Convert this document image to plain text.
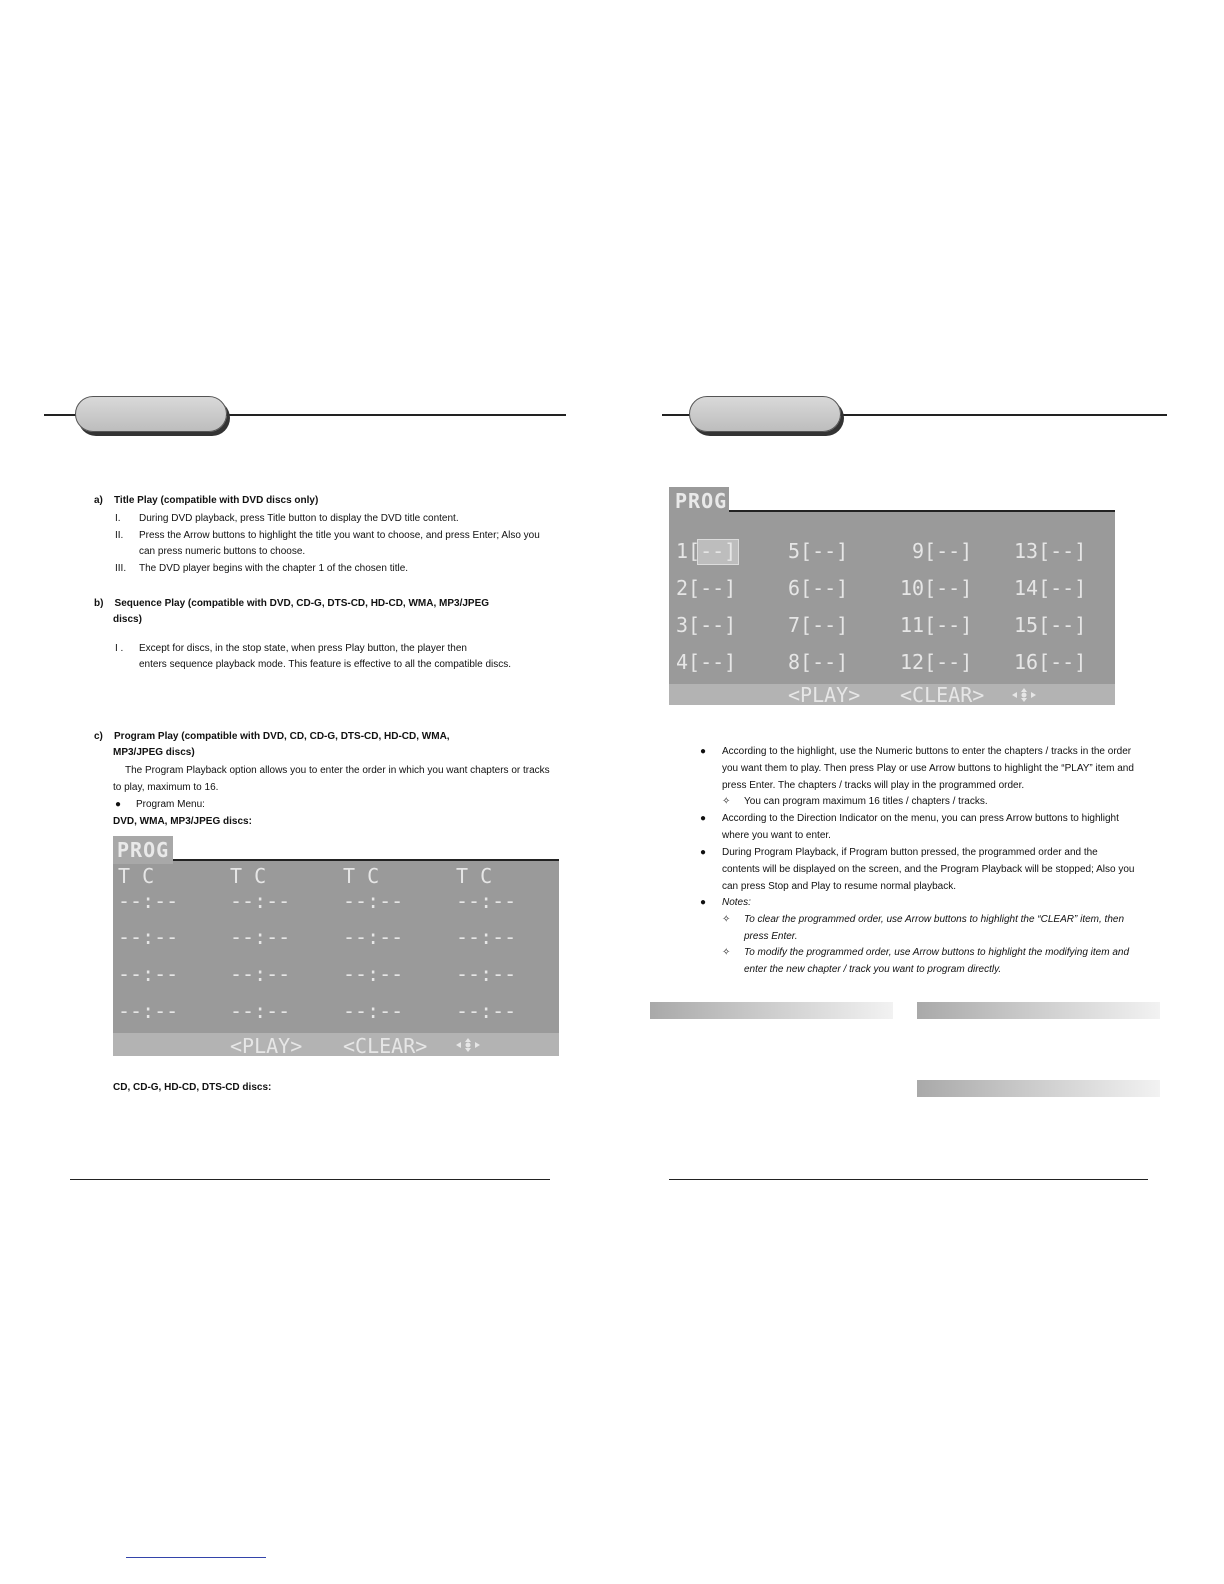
a)    Title Play (compatible with DVD discs only)
I. During DVD playback, press Title button to display the DVD title content.
II. Press the Arrow buttons to highlight the title you want to choose, and press Enter; Also you
can press numeric buttons to choose.
III. The DVD player begins with the chapter 1 of the chosen title.
b)    Sequence Play (compatible with DVD, CD-G, DTS-CD, HD-CD, WMA, MP3/JPEG
discs)
I . Except for discs, in the stop state, when press Play button, the player then
enters sequence playback mode. This feature is effective to all the compatible discs.
c)    Program Play (compatible with DVD, CD, CD-G, DTS-CD, HD-CD, WMA,
MP3/JPEG discs)
The Program Playback option allows you to enter the order in which you want chapters or tracks
to play, maximum to 16.
● Program Menu:
DVD, WMA, MP3/JPEG discs:
PROG
T C	T C	T C	T C
--:--	--:--	--:--	--:--
--:--	--:--	--:--	--:--
--:--	--:--	--:--	--:--
--:--	--:--	--:--	--:--
<PLAY> <CLEAR>
CD, CD-G, HD-CD, DTS-CD discs:
PROG
1[--]	5[--]	9[--] 13[--]
2[--]	6[--]	10[--] 14[--]
3[--]	7[--]	11[--] 15[--]
4[--]	8[--]	12[--] 16[--]
<PLAY> <CLEAR>
● According to the highlight, use the Numeric buttons to enter the chapters / tracks in the order
you want them to play. Then press Play or use Arrow buttons to highlight the “PLAY” item and
press Enter. The chapters / tracks will play in the programmed order.
✧ You can program maximum 16 titles / chapters / tracks.
● According to the Direction Indicator on the menu, you can press Arrow buttons to highlight
where you want to enter.
● During Program Playback, if Program button pressed, the programmed order and the
contents will be displayed on the screen, and the Program Playback will be stopped; Also you
can press Stop and Play to resume normal playback.
● Notes:
✧ To clear the programmed order, use Arrow buttons to highlight the “CLEAR” item, then
press Enter.
✧ To modify the programmed order, use Arrow buttons to highlight the modifying item and
enter the new chapter / track you want to program directly.
